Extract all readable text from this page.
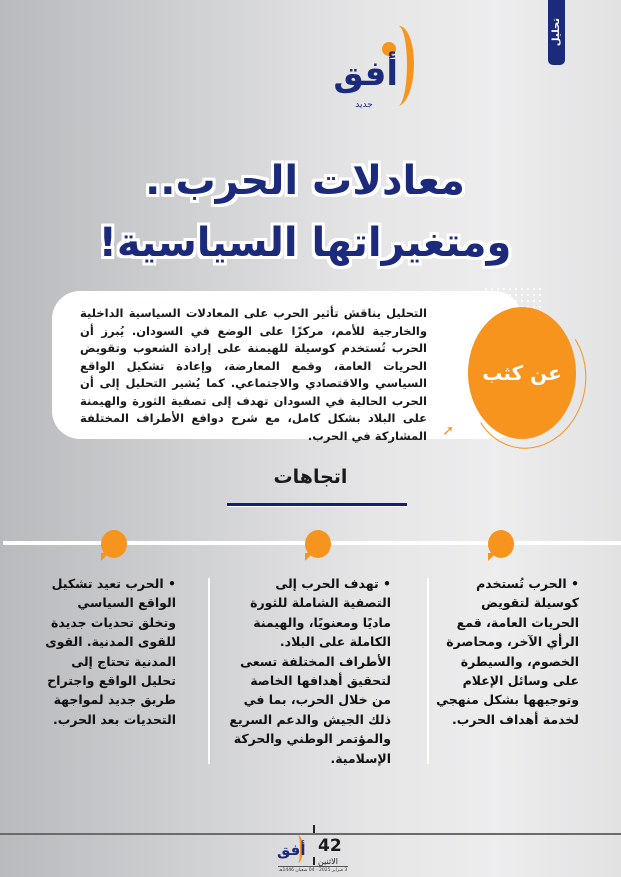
تحليل
أفق
جديد
معادلات الحرب..
ومتغيراتها السياسية!

التحليل يناقش تأثير الحرب على المعادلات السياسية الداخلية والخارجية للأمم، مركزًا على الوضع في السودان. يُبرز أن الحرب تُستخدم كوسيلة للهيمنة على إرادة الشعوب وتقويض الحريات العامة، وقمع المعارضة، وإعادة تشكيل الواقع السياسي والاقتصادي والاجتماعي. كما يُشير التحليل إلى أن الحرب الحالية في السودان تهدف إلى تصفية الثورة والهيمنة على البلاد بشكل كامل، مع شرح دوافع الأطراف المختلفة المشاركة في الحرب. ➚
عن كثب
اتجاهات

• الحرب تُستخدم كوسيلة لتقويض الحريات العامة، قمع الرأي الآخر، ومحاصرة الخصوم، والسيطرة على وسائل الإعلام وتوجيهها بشكل منهجي لخدمة أهداف الحرب.

• تهدف الحرب إلى التصفية الشاملة للثورة ماديًا ومعنويًا، والهيمنة الكاملة على البلاد. الأطراف المختلفة تسعى لتحقيق أهدافها الخاصة من خلال الحرب، بما في ذلك الجيش والدعم السريع والمؤتمر الوطني والحركة الإسلامية.

• الحرب تعيد تشكيل الواقع السياسي وتخلق تحديات جديدة للقوى المدنية. القوى المدنية تحتاج إلى تحليل الواقع واجتراح طريق جديد لمواجهة التحديات بعد الحرب.

أفق 42
الاثنين
3 فبراير 2025 - 04 شعبان 1446هـ
